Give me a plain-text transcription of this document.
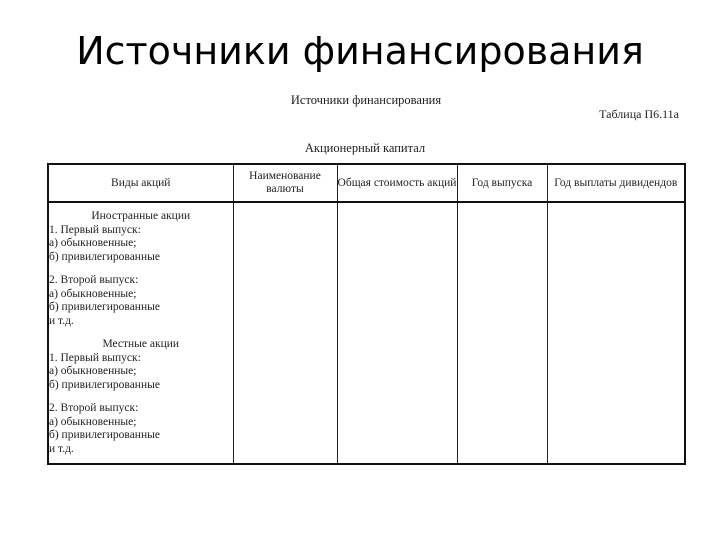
Источники финансирования
Источники финансирования
Таблица П6.11а
Акционерный капитал
Виды акций	Наименование валюты	Общая стоимость акций	Год выпуска	Год выплаты дивидендов

Иностранные акции
1. Первый выпуск:
а) обыкновенные;
б) привилегированные
2. Второй выпуск:
а) обыкновенные;
б) привилегированные
и т.д.
Местные акции
1. Первый выпуск:
а) обыкновенные;
б) привилегированные
2. Второй выпуск:
а) обыкновенные;
б) привилегированные
и т.д.
